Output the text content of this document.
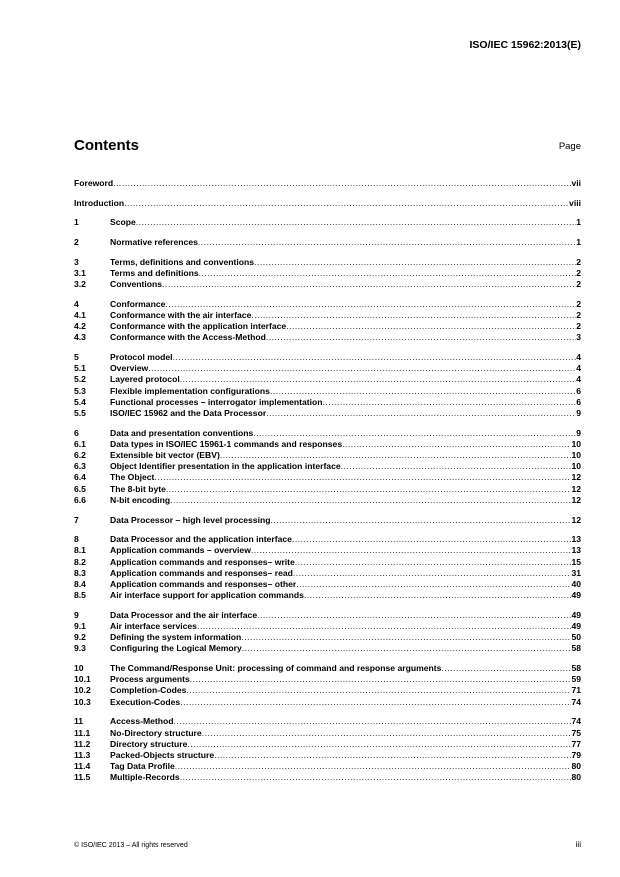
ISO/IEC 15962:2013(E)
Contents	Page
Foreword .....	vii
Introduction .....	viii
1	Scope .....	1
2	Normative references .....	1
3	Terms, definitions and conventions .....	2
3.1	Terms and definitions .....	2
3.2	Conventions .....	2
4	Conformance .....	2
4.1	Conformance with the air interface .....	2
4.2	Conformance with the application interface .....	2
4.3	Conformance with the Access-Method .....	3
5	Protocol model .....	4
5.1	Overview .....	4
5.2	Layered protocol .....	4
5.3	Flexible implementation configurations .....	6
5.4	Functional processes – interrogator implementation .....	6
5.5	ISO/IEC 15962 and the Data Processor .....	9
6	Data and presentation conventions .....	9
6.1	Data types in ISO/IEC 15961-1 commands and responses .....	10
6.2	Extensible bit vector (EBV) .....	10
6.3	Object Identifier presentation in the application interface .....	10
6.4	The Object .....	12
6.5	The 8-bit byte .....	12
6.6	N-bit encoding .....	12
7	Data Processor – high level processing .....	12
8	Data Processor and the application interface .....	13
8.1	Application commands – overview .....	13
8.2	Application commands and responses– write .....	15
8.3	Application commands and responses– read .....	31
8.4	Application commands and responses– other .....	40
8.5	Air interface support for application commands .....	49
9	Data Processor and the air interface .....	49
9.1	Air interface services .....	49
9.2	Defining the system information .....	50
9.3	Configuring the Logical Memory .....	58
10	The Command/Response Unit: processing of command and response arguments .....	58
10.1	Process arguments .....	59
10.2	Completion-Codes .....	71
10.3	Execution-Codes .....	74
11	Access-Method .....	74
11.1	No-Directory structure .....	75
11.2	Directory structure .....	77
11.3	Packed-Objects structure .....	79
11.4	Tag Data Profile .....	80
11.5	Multiple-Records .....	80
© ISO/IEC 2013 – All rights reserved	iii
